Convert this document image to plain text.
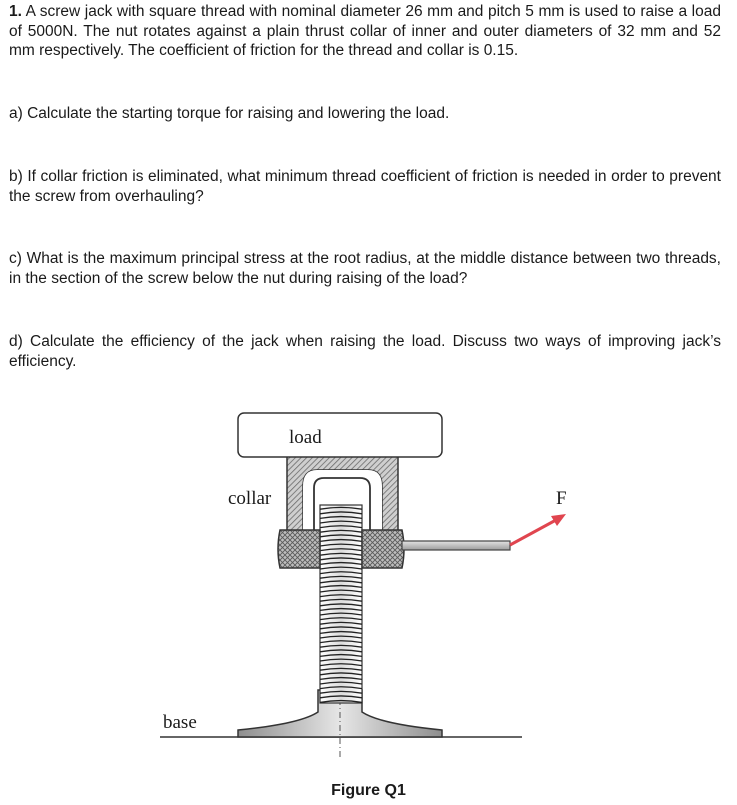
1. A screw jack with square thread with nominal diameter 26 mm and pitch 5 mm is used to raise a load of 5000N. The nut rotates against a plain thrust collar of inner and outer diameters of 32 mm and 52 mm respectively. The coefficient of friction for the thread and collar is 0.15.

a) Calculate the starting torque for raising and lowering the load.

b) If collar friction is eliminated, what minimum thread coefficient of friction is needed in order to prevent the screw from overhauling?

c) What is the maximum principal stress at the root radius, at the middle distance between two threads, in the section of the screw below the nut during raising of the load?

d) Calculate the efficiency of the jack when raising the load. Discuss two ways of improving jack’s efficiency.

load
collar	F
base
Figure Q1
